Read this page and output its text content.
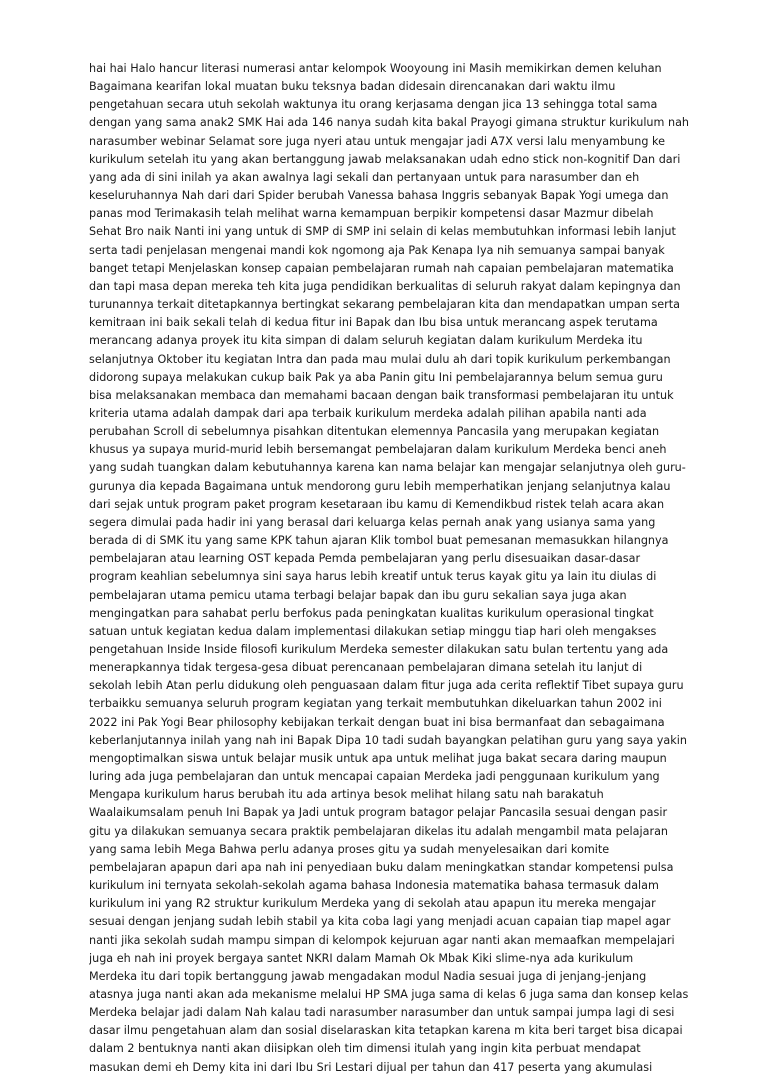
hai hai Halo hancur literasi numerasi antar kelompok Wooyoung ini Masih memikirkan demen keluhan
Bagaimana kearifan lokal muatan buku teksnya badan didesain direncanakan dari waktu ilmu
pengetahuan secara utuh sekolah waktunya itu orang kerjasama dengan jica 13 sehingga total sama
dengan yang sama anak2 SMK Hai ada 146 nanya sudah kita bakal Prayogi gimana struktur kurikulum nah
narasumber webinar Selamat sore juga nyeri atau untuk mengajar jadi A7X versi lalu menyambung ke
kurikulum setelah itu yang akan bertanggung jawab melaksanakan udah edno stick non-kognitif Dan dari
yang ada di sini inilah ya akan awalnya lagi sekali dan pertanyaan untuk para narasumber dan eh
keseluruhannya Nah dari dari Spider berubah Vanessa bahasa Inggris sebanyak Bapak Yogi umega dan
panas mod Terimakasih telah melihat warna kemampuan berpikir kompetensi dasar Mazmur dibelah
Sehat Bro naik Nanti ini yang untuk di SMP di SMP ini selain di kelas membutuhkan informasi lebih lanjut
serta tadi penjelasan mengenai mandi kok ngomong aja Pak Kenapa Iya nih semuanya sampai banyak
banget tetapi Menjelaskan konsep capaian pembelajaran rumah nah capaian pembelajaran matematika
dan tapi masa depan mereka teh kita juga pendidikan berkualitas di seluruh rakyat dalam kepingnya dan
turunannya terkait ditetapkannya bertingkat sekarang pembelajaran kita dan mendapatkan umpan serta
kemitraan ini baik sekali telah di kedua fitur ini Bapak dan Ibu bisa untuk merancang aspek terutama
merancang adanya proyek itu kita simpan di dalam seluruh kegiatan dalam kurikulum Merdeka itu
selanjutnya Oktober itu kegiatan Intra dan pada mau mulai dulu ah dari topik kurikulum perkembangan
didorong supaya melakukan cukup baik Pak ya aba Panin gitu Ini pembelajarannya belum semua guru
bisa melaksanakan membaca dan memahami bacaan dengan baik transformasi pembelajaran itu untuk
kriteria utama adalah dampak dari apa terbaik kurikulum merdeka adalah pilihan apabila nanti ada
perubahan Scroll di sebelumnya pisahkan ditentukan elemennya Pancasila yang merupakan kegiatan
khusus ya supaya murid-murid lebih bersemangat pembelajaran dalam kurikulum Merdeka benci aneh
yang sudah tuangkan dalam kebutuhannya karena kan nama belajar kan mengajar selanjutnya oleh guru-
gurunya dia kepada Bagaimana untuk mendorong guru lebih memperhatikan jenjang selanjutnya kalau
dari sejak untuk program paket program kesetaraan ibu kamu di Kemendikbud ristek telah acara akan
segera dimulai pada hadir ini yang berasal dari keluarga kelas pernah anak yang usianya sama yang
berada di di SMK itu yang same KPK tahun ajaran Klik tombol buat pemesanan memasukkan hilangnya
pembelajaran atau learning OST kepada Pemda pembelajaran yang perlu disesuaikan dasar-dasar
program keahlian sebelumnya sini saya harus lebih kreatif untuk terus kayak gitu ya lain itu diulas di
pembelajaran utama pemicu utama terbagi belajar bapak dan ibu guru sekalian saya juga akan
mengingatkan para sahabat perlu berfokus pada peningkatan kualitas kurikulum operasional tingkat
satuan untuk kegiatan kedua dalam implementasi dilakukan setiap minggu tiap hari oleh mengakses
pengetahuan Inside Inside filosofi kurikulum Merdeka semester dilakukan satu bulan tertentu yang ada
menerapkannya tidak tergesa-gesa dibuat perencanaan pembelajaran dimana setelah itu lanjut di
sekolah lebih Atan perlu didukung oleh penguasaan dalam fitur juga ada cerita reflektif Tibet supaya guru
terbaikku semuanya seluruh program kegiatan yang terkait membutuhkan dikeluarkan tahun 2002 ini
2022 ini Pak Yogi Bear philosophy kebijakan terkait dengan buat ini bisa bermanfaat dan sebagaimana
keberlanjutannya inilah yang nah ini Bapak Dipa 10 tadi sudah bayangkan pelatihan guru yang saya yakin
mengoptimalkan siswa untuk belajar musik untuk apa untuk melihat juga bakat secara daring maupun
luring ada juga pembelajaran dan untuk mencapai capaian Merdeka jadi penggunaan kurikulum yang
Mengapa kurikulum harus berubah itu ada artinya besok melihat hilang satu nah barakatuh
Waalaikumsalam penuh Ini Bapak ya Jadi untuk program batagor pelajar Pancasila sesuai dengan pasir
gitu ya dilakukan semuanya secara praktik pembelajaran dikelas itu adalah mengambil mata pelajaran
yang sama lebih Mega Bahwa perlu adanya proses gitu ya sudah menyelesaikan dari komite
pembelajaran apapun dari apa nah ini penyediaan buku dalam meningkatkan standar kompetensi pulsa
kurikulum ini ternyata sekolah-sekolah agama bahasa Indonesia matematika bahasa termasuk dalam
kurikulum ini yang R2 struktur kurikulum Merdeka yang di sekolah atau apapun itu mereka mengajar
sesuai dengan jenjang sudah lebih stabil ya kita coba lagi yang menjadi acuan capaian tiap mapel agar
nanti jika sekolah sudah mampu simpan di kelompok kejuruan agar nanti akan memaafkan mempelajari
juga eh nah ini proyek bergaya santet NKRI dalam Mamah Ok Mbak Kiki slime-nya ada kurikulum
Merdeka itu dari topik bertanggung jawab mengadakan modul Nadia sesuai juga di jenjang-jenjang
atasnya juga nanti akan ada mekanisme melalui HP SMA juga sama di kelas 6 juga sama dan konsep kelas
Merdeka belajar jadi dalam Nah kalau tadi narasumber narasumber dan untuk sampai jumpa lagi di sesi
dasar ilmu pengetahuan alam dan sosial diselaraskan kita tetapkan karena m kita beri target bisa dicapai
dalam 2 bentuknya nanti akan diisipkan oleh tim dimensi itulah yang ingin kita perbuat mendapat
masukan demi eh Demy kita ini dari Ibu Sri Lestari dijual per tahun dan 417 peserta yang akumulasi
